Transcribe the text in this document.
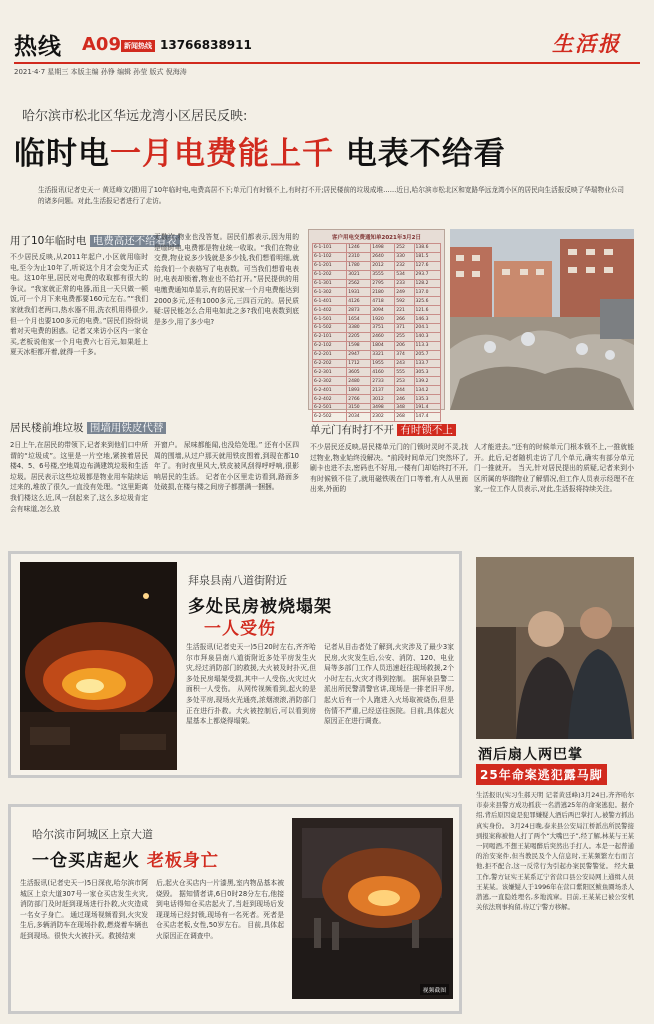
热线 A09 新闻热线 13766838911	生活报
2021·4·7 星期三 本版主编 孙铮 编辑 孙莹 版式 倪海涛
哈尔滨市松北区华远龙湾小区居民反映:
临时电一月电费能上千 电表不给看
生活报讯(记者史天一 黄廷峰文/摄)用了10年临时电,电费高居不下;单元门有时锁不上,有时打不开;居民楼前的垃圾成堆……近日,哈尔滨市松北区和宽路华远龙湾小区的居民向生活报反映了华瑞物业公司的诸多问题。对此,生活报记者进行了走访。
用了10年临时电 电费高还不给看表
不少居民反映,从2011年起户,小区就用临时电,至今为止10年了,听说这个月才会变为正式电。这10年里,居民对电费的收取都有很大的争议。“我家就正常的电器,而且一天只做一顿饭,可一个月下来电费都要160元左右。”“我们家就我们老两口,热水器不用,洗衣机用得很少,但一个月也要100多元的电费。”居民们纷纷说着对天电费的困惑。记者又来访小区内一家仓买,老板说他家一个月电费六七百元,如果赶上夏天冰柜都开着,就得一千多。
无数次,物业也没答复。居民们都表示,因为用的是临时电,电费都是物业统一收取。“我们在物业交费,物业说多少钱就是多少钱,我们想看明细,就给我们一个表格写了电表数。可当我们想看电表时,电表却锁着,物业也不给打开。”居民提供的用电缴费通知单显示,有的居民家一个月电费能达到2000多元,还有1000多元,三四百元的。居民质疑:居民能怎么合用电如此之多?我们电表数到底是多少,用了多少电?
客户用电交费通知单2021年3月2日
6-1-101	1246	1498	252	138.6
6-1-102	2310	2640	330	181.5
6-1-201	1780	2012	232	127.6
6-1-202	3021	3555	534	293.7
6-1-301	2562	2795	233	128.2
6-1-302	1931	2180	249	137.0
6-1-401	4126	4718	592	325.6
6-1-402	2873	3094	221	121.6
6-1-501	1654	1920	266	146.3
6-1-502	3380	3751	371	204.1
6-2-101	2205	2460	255	140.3
6-2-102	1598	1804	206	113.3
6-2-201	2947	3321	374	205.7
6-2-202	1712	1955	243	133.7
6-2-301	3605	4160	555	305.3
6-2-302	2480	2733	253	139.2
6-2-401	1893	2137	244	134.2
6-2-402	2766	3012	246	135.3
6-2-501	3150	3498	348	191.4
6-2-502	2034	2302	268	147.4
居民楼前堆垃圾 围墙用铁皮代替
2日上午,在居民的带领下,记者来到他们口中所谓的“垃圾成”。这里是一片空地,紧挨着居民楼4、5、6号楼,空地周边布满建筑垃圾和生活垃圾。居民表示这些垃圾都是物业用车陆续运过来的,堆放了很久,一直没有处理。“这里距离我们楼这么近,风一刮起来了,这么多垃圾肯定会有味道,怎么放
开窗户。 尿味都能闻,也没给处理。” 还有小区四周的围墙,从过户那天就用铁皮围着,到现在都10年了。有时夜里风大,铁皮被风刮得呼呼响,很影响居民的生活。 记者在小区里走访看到,路面多处破损,在楼与楼之间房子都摆满一捆捆。
单元门有时打不开 有时锁不上
不少居民还反映,居民楼单元门的门锁时灵时不灵,找过物业,物业始终没解决。“前段时间单元门突然坏了,刷卡也进不去,密码也不好用,一楼有门却始终打不开,有时候锁不住了,就用磁铁吸在门口等着,有人从里面出来,外面的
人才能进去。”还有的时候单元门根本锁不上,一推就能开。此后,记者随机走访了几个单元,确实有部分单元门一推就开。 当天,针对居民提出的质疑,记者来到小区所属的华瑞物业了解情况,但工作人员表示经理不在家,一位工作人员表示,对此,生活报将持续关注。
拜泉县南八道街附近
多处民房被烧塌架
一人受伤
生活报讯(记者史天一)5日20时左右,齐齐哈尔市拜泉县南八道街附近多处平房发生火灾,经过消防部门的救援,大火被及时扑灭,但多处民房塌架受损,其中一人受伤,火灾过火面积一人受伤。 从网传视频看到,起火的是多处平房,现场火光通亮,浓烟滚滚,消防部门正在进行扑救。大火被控制后,可以看到房屋基本上都烧得塌架。
记者从目击者处了解到,火灾涉及了最少3家民房,火灾发生后,公安、消防、120、电业局等多部门工作人员迅速赶往现场救援,2个小时左右,火灾才得到控制。 据拜泉县警二派出所民警清警官讲,现场是一排老旧平房,起火后有一个人跑进入火场取被烧伤,但是伤情不严重,已经送往医院。目前,具体起火原因正在进行调查。
哈尔滨市阿城区上京大道
一仓买店起火 老板身亡
生活报讯(记者史天一)5日深夜,哈尔滨市阿城区上京大道307号一家仓买店发生火灾,消防部门及时赶到现场进行扑救,火灾造成一名女子身亡。 通过现场视频看到,火灾发生后,多辆消防车在现场扑救,燃烧着车辆也赶到现场。很快大火被扑灭。救援结束
后,起火仓买店内一片漆黑,室内物品基本被烧毁。 据知情者讲,6日0时28分左右,他接到电话得知仓买店起火了,当赶到现场后发现现场已经封锁,现场有一名死者。死者是仓买店老板,女性,50岁左右。 目前,具体起火原因正在调查中。
视频截图
酒后扇人两巴掌
25年命案逃犯露马脚
生活报讯(实习生郝天明 记者黄廷峰)3月24日,齐齐哈尔市泰来县警方成功抓获一名潜逃25年的命案逃犯。据介绍,背后原因竟是犯罪嫌疑人酒后两巴掌打人,被警方抓出真实身份。 3月24日晚,泰来县公安局江桥派出所民警接到报案称被他人打了两个“大嘴巴子”,经了解,林某与王某一同喝酒,不想王某喝醉后突然出手打人。本是一起普通的治安案件,但当教民及个人信息时,王某频繁左右而言他,拒不配合,这一反常行为引起办案民警警觉。 经大量工作,警方证实王某系辽宁省营口县公安局网上通缉人员王某某。该嫌疑人于1996年在营口紫阳区鲅鱼圈场杀人潜逃,一直隐姓埋名,多地流窜。目前,王某某已被公安机关依法刑事拘留,待辽宁警方移解。
